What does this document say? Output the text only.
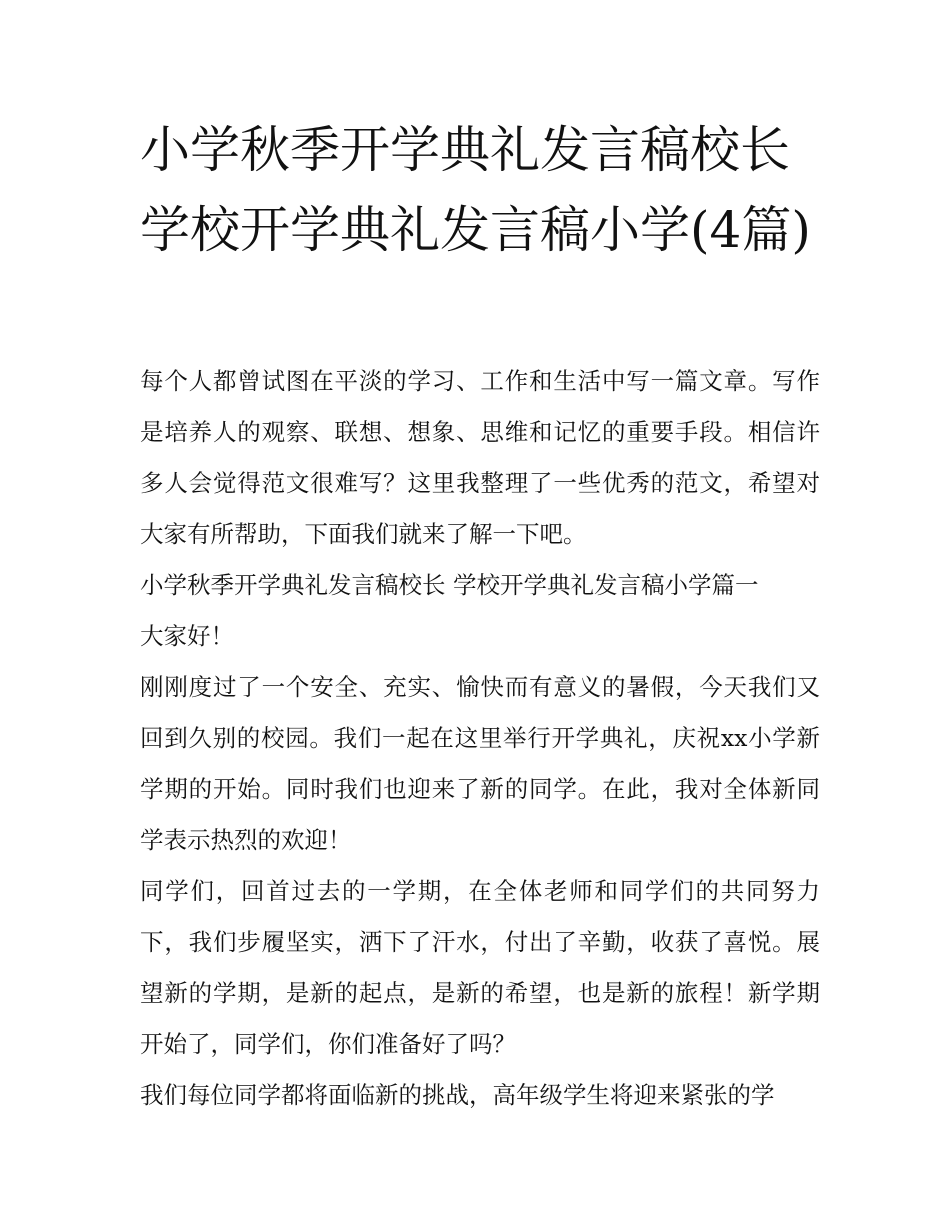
小学秋季开学典礼发言稿校长 学校开学典礼发言稿小学(4篇)

每个人都曾试图在平淡的学习、工作和生活中写一篇文章。写作是培养人的观察、联想、想象、思维和记忆的重要手段。相信许多人会觉得范文很难写？这里我整理了一些优秀的范文，希望对大家有所帮助，下面我们就来了解一下吧。

小学秋季开学典礼发言稿校长 学校开学典礼发言稿小学篇一

大家好！

刚刚度过了一个安全、充实、愉快而有意义的暑假，今天我们又回到久别的校园。我们一起在这里举行开学典礼，庆祝xx小学新学期的开始。同时我们也迎来了新的同学。在此，我对全体新同学表示热烈的欢迎！

同学们，回首过去的一学期，在全体老师和同学们的共同努力下，我们步履坚实，洒下了汗水，付出了辛勤，收获了喜悦。展望新的学期，是新的起点，是新的希望，也是新的旅程！新学期开始了，同学们，你们准备好了吗？

我们每位同学都将面临新的挑战，高年级学生将迎来紧张的学
